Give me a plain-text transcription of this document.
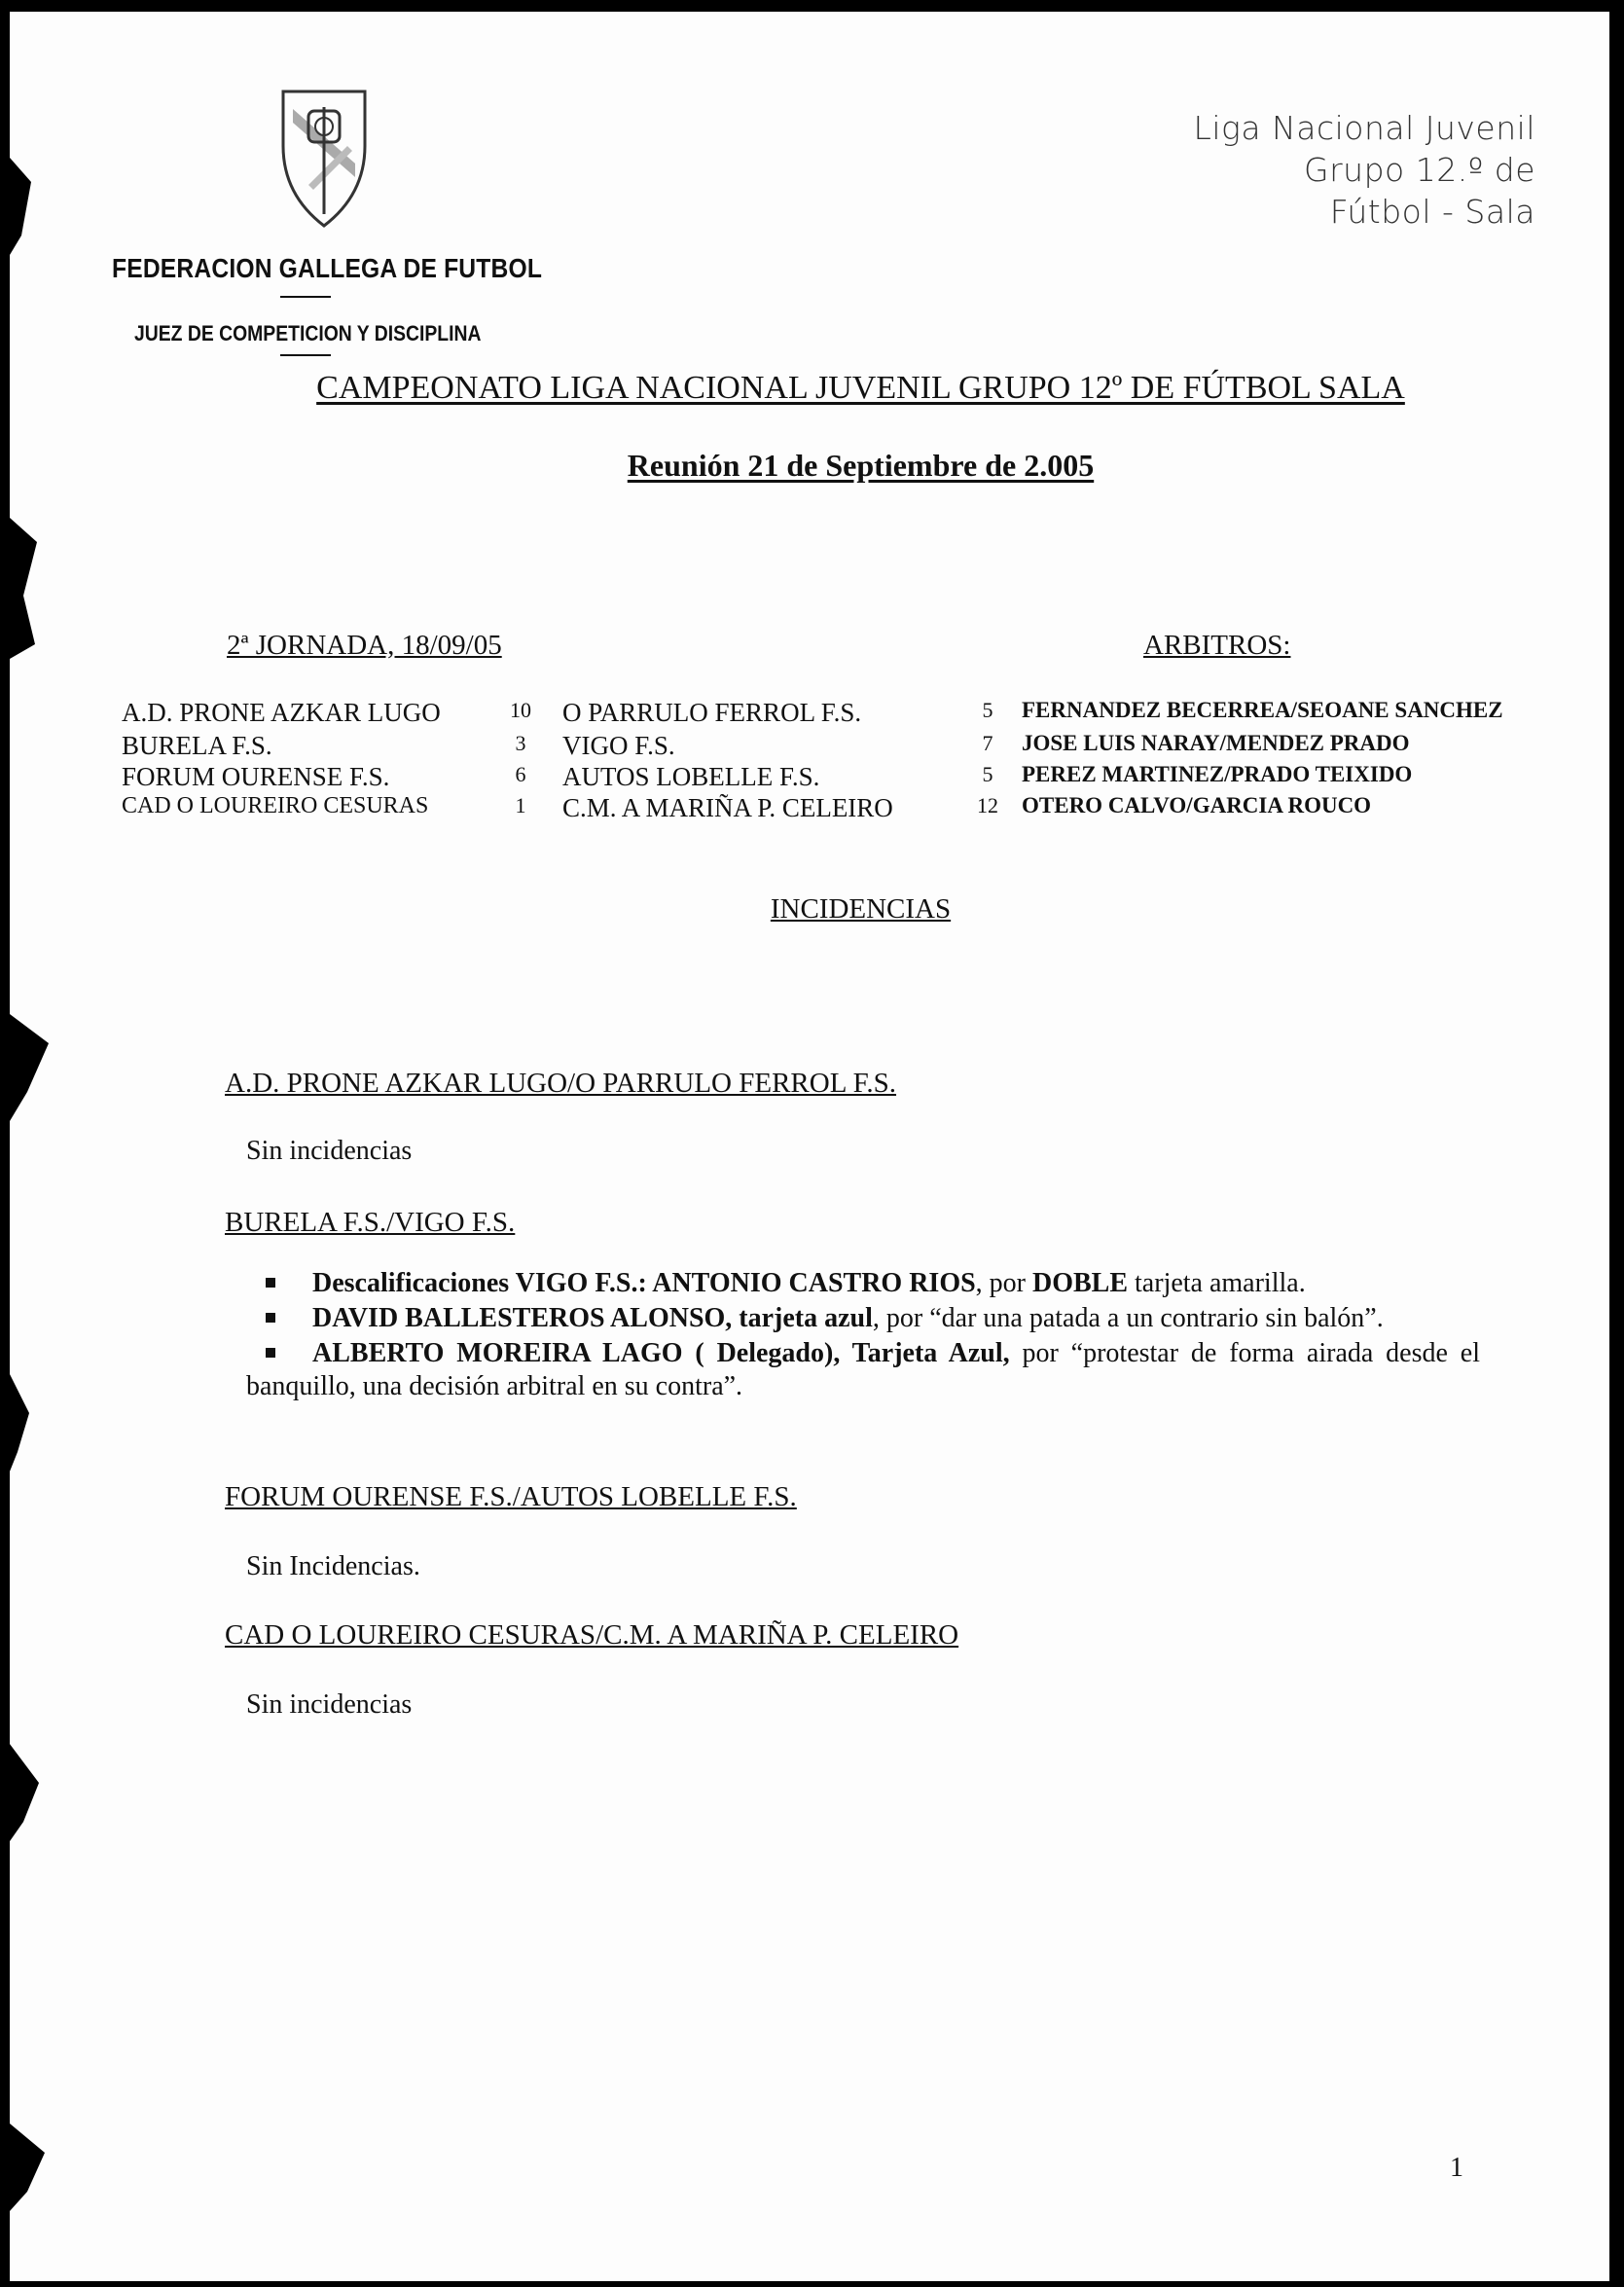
Liga Nacional Juvenil
Grupo 12.º de
Fútbol - Sala
FEDERACION GALLEGA DE FUTBOL
JUEZ DE COMPETICION Y DISCIPLINA
CAMPEONATO LIGA NACIONAL JUVENIL GRUPO 12º DE FÚTBOL SALA
Reunión 21 de Septiembre de 2.005
2ª JORNADA, 18/09/05	ARBITROS:
A.D. PRONE AZKAR LUGO	10	O PARRULO FERROL F.S.	5	FERNANDEZ BECERREA/SEOANE SANCHEZ
BURELA F.S.	3	VIGO F.S.	7	JOSE LUIS NARAY/MENDEZ PRADO
FORUM OURENSE F.S.	6	AUTOS LOBELLE F.S.	5	PEREZ MARTINEZ/PRADO TEIXIDO
CAD O LOUREIRO CESURAS	1	C.M. A MARIÑA P. CELEIRO	12	OTERO CALVO/GARCIA ROUCO
INCIDENCIAS
A.D. PRONE AZKAR LUGO/O PARRULO FERROL F.S.
Sin incidencias
BURELA F.S./VIGO F.S.

Descalificaciones VIGO F.S.: ANTONIO CASTRO RIOS, por DOBLE tarjeta amarilla.

DAVID BALLESTEROS ALONSO, tarjeta azul, por “dar una patada a un contrario sin balón”.

ALBERTO MOREIRA LAGO ( Delegado), Tarjeta Azul, por “protestar de forma airada desde el banquillo, una decisión arbitral en su contra”.

FORUM OURENSE F.S./AUTOS LOBELLE F.S.
Sin Incidencias.
CAD O LOUREIRO CESURAS/C.M. A MARIÑA P. CELEIRO
Sin incidencias
1
